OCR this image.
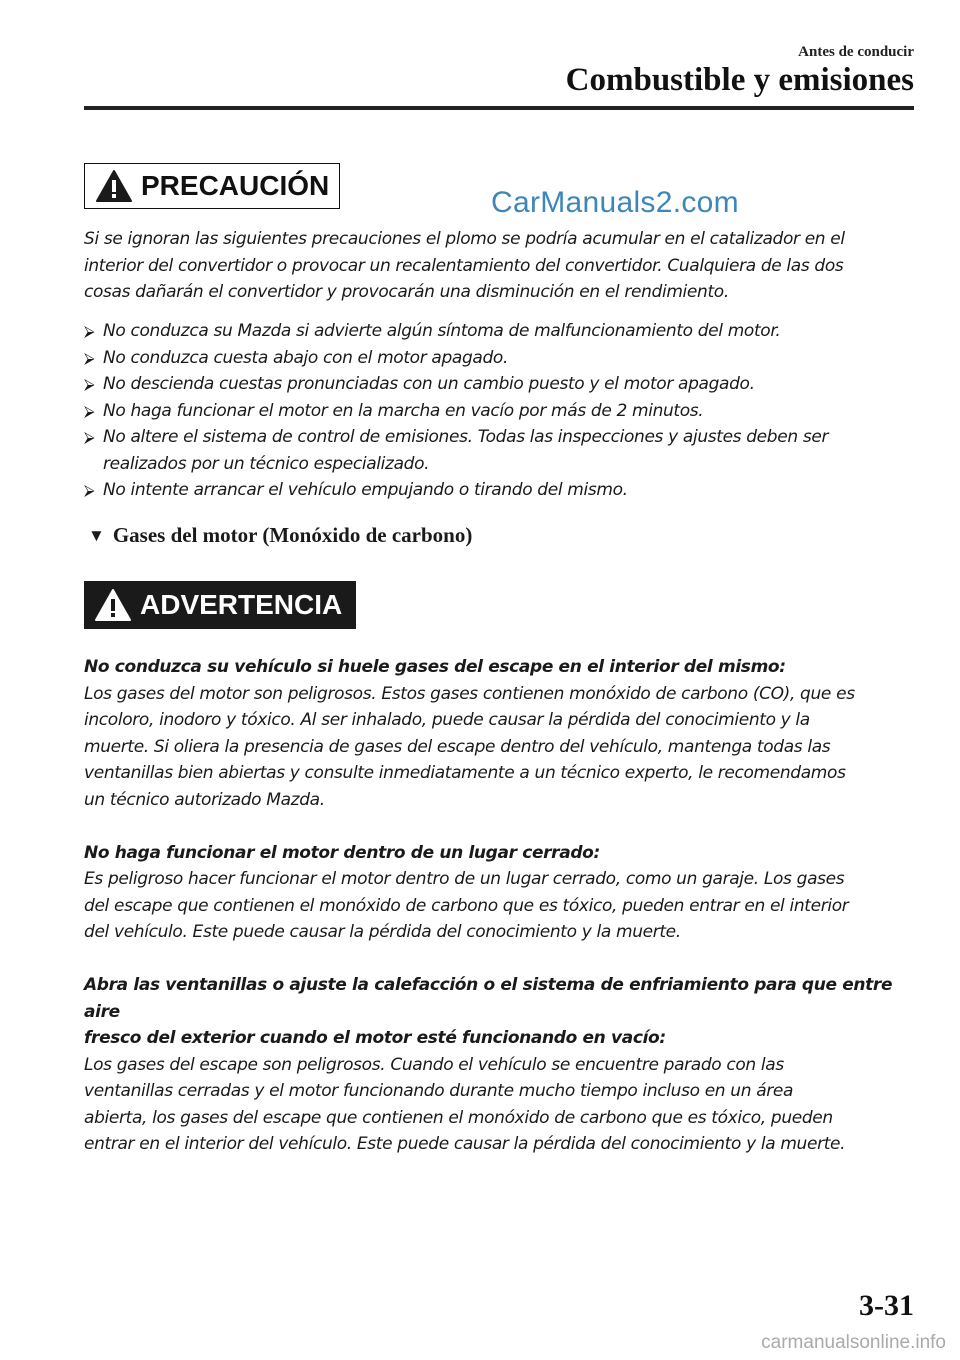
Antes de conducir
Combustible y emisiones
PRECAUCIÓN
CarManuals2.com
Si se ignoran las siguientes precauciones el plomo se podría acumular en el catalizador en el
interior del convertidor o provocar un recalentamiento del convertidor. Cualquiera de las dos
cosas dañarán el convertidor y provocarán una disminución en el rendimiento.
⮚ No conduzca su Mazda si advierte algún síntoma de malfuncionamiento del motor.
⮚ No conduzca cuesta abajo con el motor apagado.
⮚ No descienda cuestas pronunciadas con un cambio puesto y el motor apagado.
⮚ No haga funcionar el motor en la marcha en vacío por más de 2 minutos.
⮚ No altere el sistema de control de emisiones. Todas las inspecciones y ajustes deben ser
realizados por un técnico especializado.
⮚ No intente arrancar el vehículo empujando o tirando del mismo.
▼ Gases del motor (Monóxido de carbono)
ADVERTENCIA
No conduzca su vehículo si huele gases del escape en el interior del mismo:
Los gases del motor son peligrosos. Estos gases contienen monóxido de carbono (CO), que es
incoloro, inodoro y tóxico. Al ser inhalado, puede causar la pérdida del conocimiento y la
muerte. Si oliera la presencia de gases del escape dentro del vehículo, mantenga todas las
ventanillas bien abiertas y consulte inmediatamente a un técnico experto, le recomendamos
un técnico autorizado Mazda.
No haga funcionar el motor dentro de un lugar cerrado:
Es peligroso hacer funcionar el motor dentro de un lugar cerrado, como un garaje. Los gases
del escape que contienen el monóxido de carbono que es tóxico, pueden entrar en el interior
del vehículo. Este puede causar la pérdida del conocimiento y la muerte.
Abra las ventanillas o ajuste la calefacción o el sistema de enfriamiento para que entre aire
fresco del exterior cuando el motor esté funcionando en vacío:
Los gases del escape son peligrosos. Cuando el vehículo se encuentre parado con las
ventanillas cerradas y el motor funcionando durante mucho tiempo incluso en un área
abierta, los gases del escape que contienen el monóxido de carbono que es tóxico, pueden
entrar en el interior del vehículo. Este puede causar la pérdida del conocimiento y la muerte.
3-31
carmanualsonline.info
